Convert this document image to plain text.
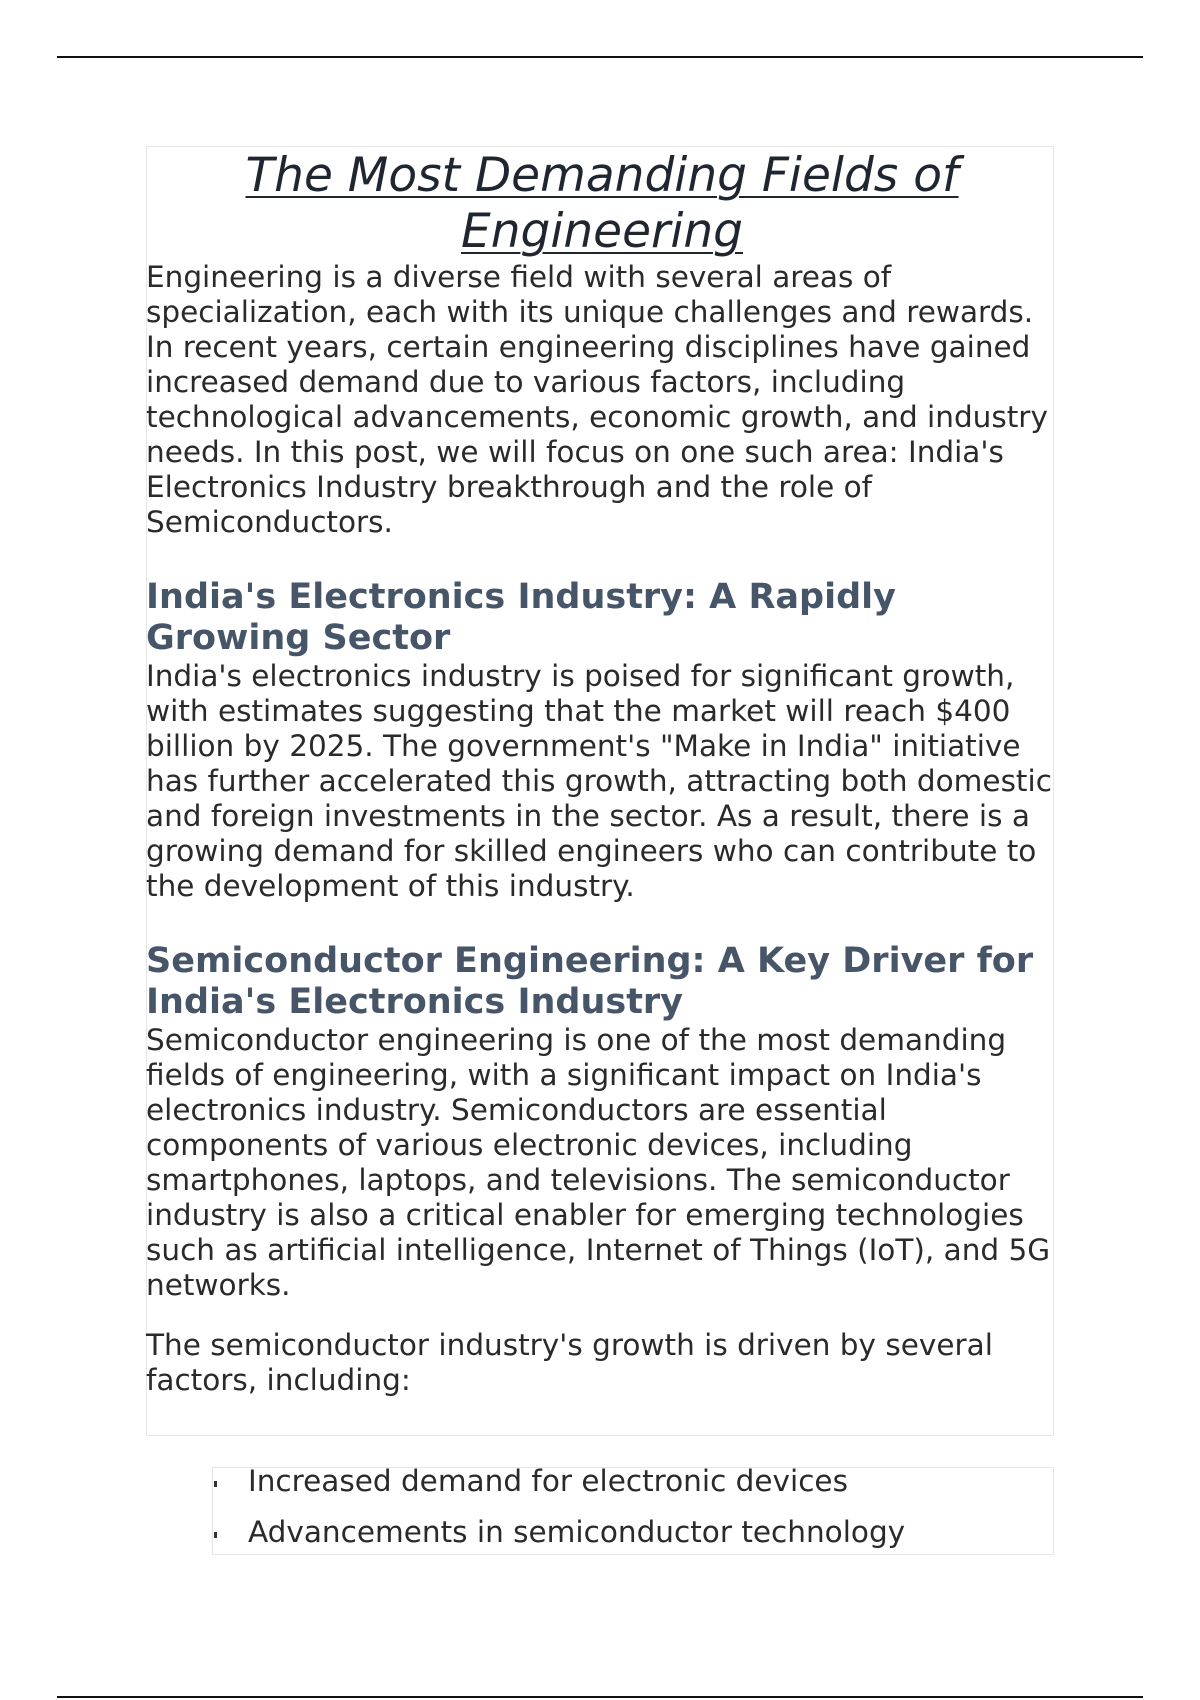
The Most Demanding Fields of Engineering

Engineering is a diverse field with several areas of specialization, each with its unique challenges and rewards. In recent years, certain engineering disciplines have gained increased demand due to various factors, including technological advancements, economic growth, and industry needs. In this post, we will focus on one such area: India's Electronics Industry breakthrough and the role of Semiconductors.

India's Electronics Industry: A Rapidly Growing Sector

India's electronics industry is poised for significant growth, with estimates suggesting that the market will reach $400 billion by 2025. The government's "Make in India" initiative has further accelerated this growth, attracting both domestic and foreign investments in the sector. As a result, there is a growing demand for skilled engineers who can contribute to the development of this industry.

Semiconductor Engineering: A Key Driver for India's Electronics Industry

Semiconductor engineering is one of the most demanding fields of engineering, with a significant impact on India's electronics industry. Semiconductors are essential components of various electronic devices, including smartphones, laptops, and televisions. The semiconductor industry is also a critical enabler for emerging technologies such as artificial intelligence, Internet of Things (IoT), and 5G networks.

The semiconductor industry's growth is driven by several factors, including:

Increased demand for electronic devices
Advancements in semiconductor technology
